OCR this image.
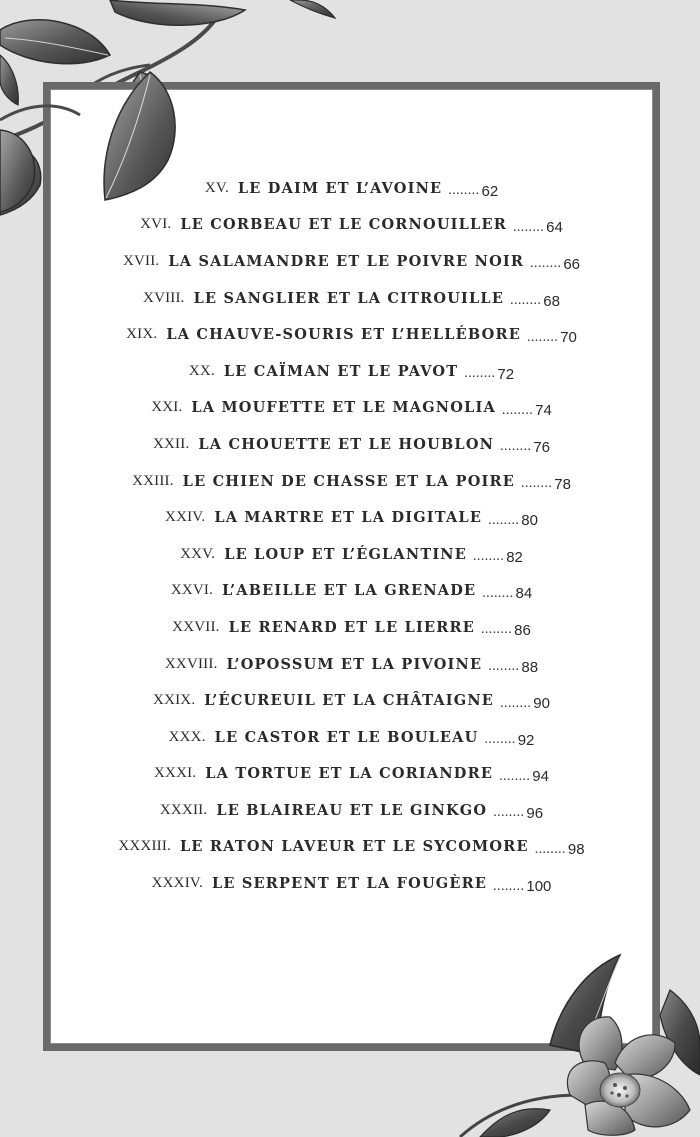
XV. LE DAIM ET L’AVOINE ........ 62
XVI. LE CORBEAU ET LE CORNOUILLER ........ 64
XVII. LA SALAMANDRE ET LE POIVRE NOIR ........ 66
XVIII. LE SANGLIER ET LA CITROUILLE ........ 68
XIX. LA CHAUVE-SOURIS ET L’HELLÉBORE ........ 70
XX. LE CAÏMAN ET LE PAVOT ........ 72
XXI. LA MOUFETTE ET LE MAGNOLIA ........ 74
XXII. LA CHOUETTE ET LE HOUBLON ........ 76
XXIII. LE CHIEN DE CHASSE ET LA POIRE ........ 78
XXIV. LA MARTRE ET LA DIGITALE ........ 80
XXV. LE LOUP ET L’ÉGLANTINE ........ 82
XXVI. L’ABEILLE ET LA GRENADE ........ 84
XXVII. LE RENARD ET LE LIERRE ........ 86
XXVIII. L’OPOSSUM ET LA PIVOINE ........ 88
XXIX. L’ÉCUREUIL ET LA CHÂTAIGNE ........ 90
XXX. LE CASTOR ET LE BOULEAU ........ 92
XXXI. LA TORTUE ET LA CORIANDRE ........ 94
XXXII. LE BLAIREAU ET LE GINKGO ........ 96
XXXIII. LE RATON LAVEUR ET LE SYCOMORE ........ 98
XXXIV. LE SERPENT ET LA FOUGÈRE ........ 100
